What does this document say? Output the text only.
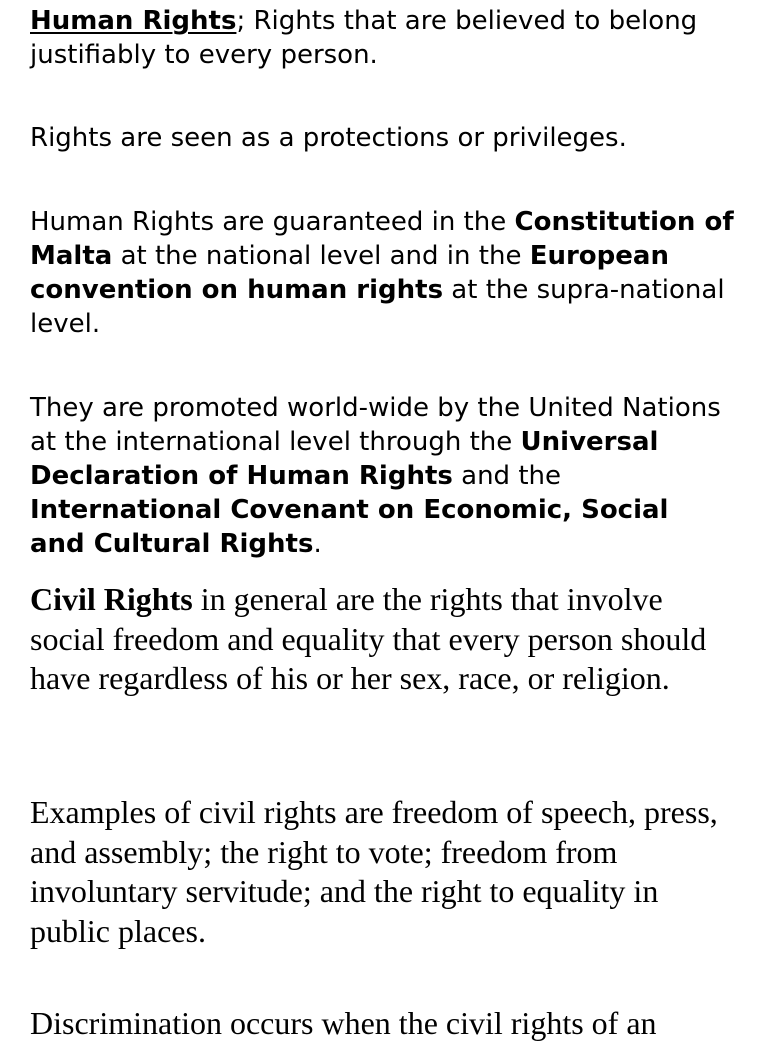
Human Rights; Rights that are believed to belong justifiably to every person.

Rights are seen as a protections or privileges.

Human Rights are guaranteed in the Constitution of Malta at the national level and in the European convention on human rights at the supra-national level.

They are promoted world-wide by the United Nations at the international level through the Universal Declaration of Human Rights and the International Covenant on Economic, Social and Cultural Rights.

Civil Rights in general are the rights that involve social freedom and equality that every person should have regardless of his or her sex, race, or religion.

Examples of civil rights are freedom of speech, press, and assembly; the right to vote; freedom from involuntary servitude; and the right to equality in public places.

Discrimination occurs when the civil rights of an
